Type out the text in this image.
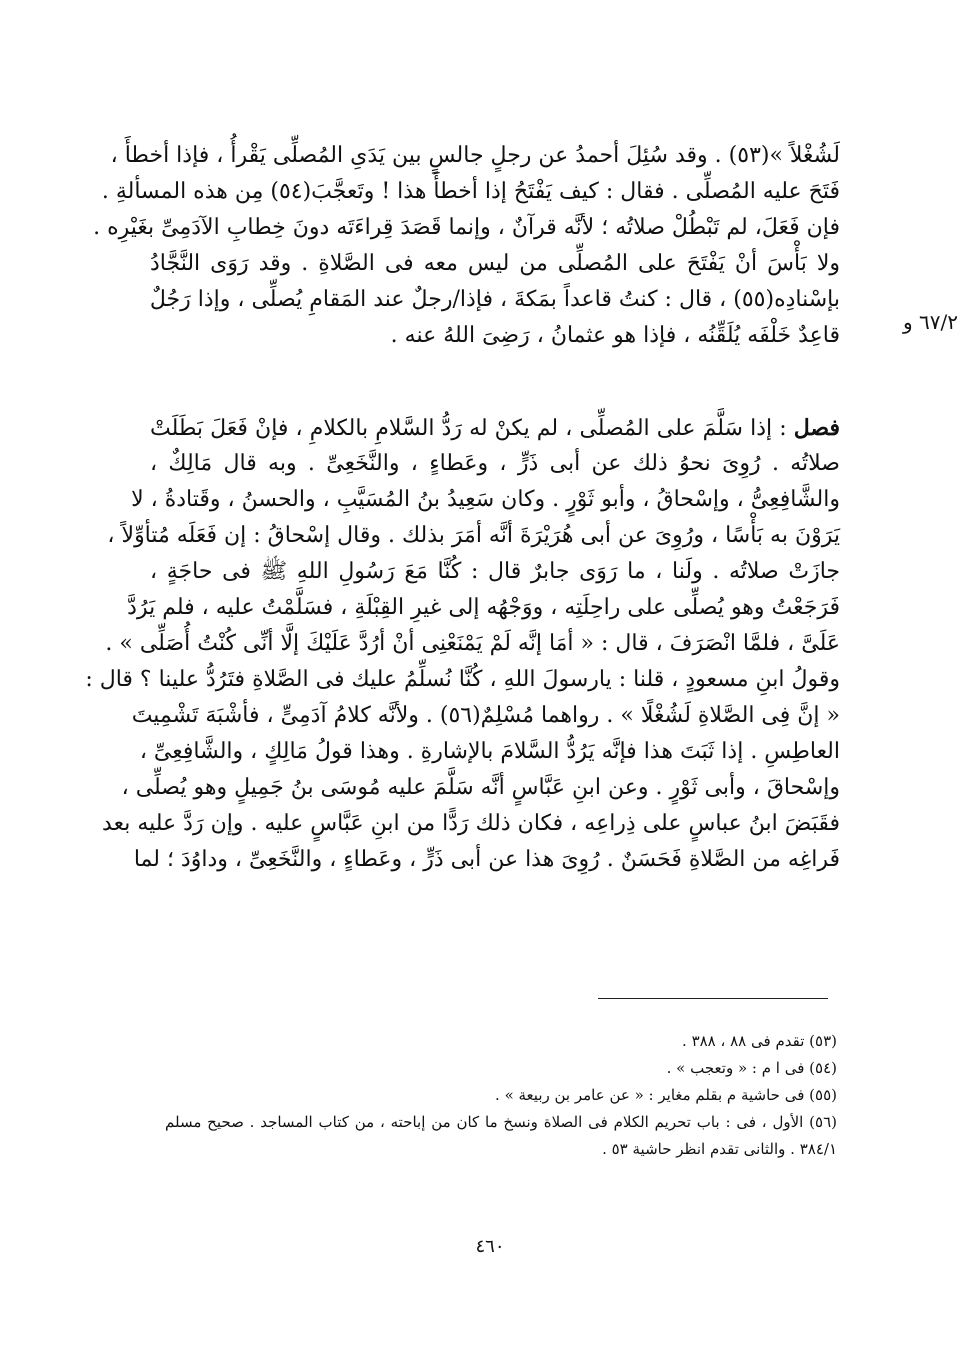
٦٧/٢ و
لَشُغْلاً »(٥٣) . وقد سُئِلَ أحمدُ عن رجلٍ جالسٍ بين يَدَىِ المُصلِّى يَقْرأُ ، فإذا أخطأَ ،
فَتَحَ عليه المُصلِّى . فقال : كيف يَفْتَحُ إذا أخطأَ هذا ! وتَعجَّبَ(٥٤) مِن هذه المسألةِ .
فإن فَعَلَ، لم تَبْطُلْ صلاتُه ؛ لأنَّه قرآنٌ ، وإنما قَصَدَ قِراءَتَه دونَ خِطابِ الآدَمِىِّ بغَيْرِه .
ولا بَأْسَ أنْ يَفْتَحَ على المُصلِّى من ليس معه فى الصَّلاةِ . وقد رَوَى النَّجَّادُ
بإسْنادِه(٥٥) ، قال : كنتُ قاعداً بمَكةَ ، فإذا/رجلٌ عند المَقامِ يُصلِّى ، وإذا رَجُلٌ
قاعِدٌ خَلْفَه يُلَقِّنُه ، فإذا هو عثمانُ ، رَضِىَ اللهُ عنه .
فصل : إذا سَلَّمَ على المُصلِّى ، لم يكنْ له رَدُّ السَّلامِ بالكلامِ ، فإنْ فَعَلَ بَطَلَتْ
صلاتُه . رُوِىَ نحوُ ذلك عن أبى ذَرٍّ ، وعَطاءٍ ، والنَّخَعِىِّ . وبه قال مَالِكٌ ،
والشَّافِعِىُّ ، وإسْحاقُ ، وأبو ثَوْرٍ . وكان سَعِيدُ بنُ المُسَيَّبِ ، والحسنُ ، وقَتادةُ ، لا
يَرَوْنَ به بَأْسًا ، ورُوِىَ عن أبى هُرَيْرَةَ أنَّه أمَرَ بذلك . وقال إسْحاقُ : إن فَعَلَه مُتأوِّلاً ،
جازَتْ صلاتُه . ولَنا ، ما رَوَى جابرٌ قال : كُنَّا مَعَ رَسُولِ اللهِ ﷺ فى حاجَةٍ ،
فَرَجَعْتُ وهو يُصلِّى على راحِلَتِه ، ووَجْهُه إلى غيرِ القِبْلَةِ ، فسَلَّمْتُ عليه ، فلم يَرُدَّ
عَلَىَّ ، فلمَّا انْصَرَفَ ، قال : « أمَا إنَّه لَمْ يَمْنَعْنِى أنْ أرُدَّ عَلَيْكَ إلَّا أنِّى كُنْتُ أُصَلِّى » .
وقولُ ابنِ مسعودٍ ، قلنا : يارسولَ اللهِ ، كُنَّا نُسلِّمُ عليك فى الصَّلاةِ فتَرُدُّ علينا ؟ قال :
« إنَّ فِى الصَّلاةِ لَشُغْلًا » . رواهما مُسْلِمٌ(٥٦) . ولأنَّه كلامُ آدَمِىٍّ ، فأشْبَهَ تَشْمِيتَ
العاطِسِ . إذا ثَبَتَ هذا فإنَّه يَرُدُّ السَّلامَ بالإشارةِ . وهذا قولُ مَالِكٍ ، والشَّافِعِىِّ ،
وإسْحاقَ ، وأبى ثَوْرٍ . وعن ابنِ عَبَّاسٍ أنَّه سَلَّمَ عليه مُوسَى بنُ جَمِيلٍ وهو يُصلِّى ،
فقَبَضَ ابنُ عباسٍ على ذِراعِه ، فكان ذلك رَدًّا من ابنِ عَبَّاسٍ عليه . وإن رَدَّ عليه بعد
فَراغِه من الصَّلاةِ فَحَسَنٌ . رُوِىَ هذا عن أبى ذَرٍّ ، وعَطاءٍ ، والنَّخَعِىِّ ، وداوُدَ ؛ لما
(٥٣) تقدم فى ٨٨ ، ٣٨٨ .
(٥٤) فى ا م : « وتعجب » .
(٥٥) فى حاشية م بقلم مغاير : « عن عامر بن ربيعة » .
(٥٦) الأول ، فى : باب تحريم الكلام فى الصلاة ونسخ ما كان من إباحته ، من كتاب المساجد . صحيح مسلم
٣٨٤/١ . والثانى تقدم انظر حاشية ٥٣ .
٤٦٠
